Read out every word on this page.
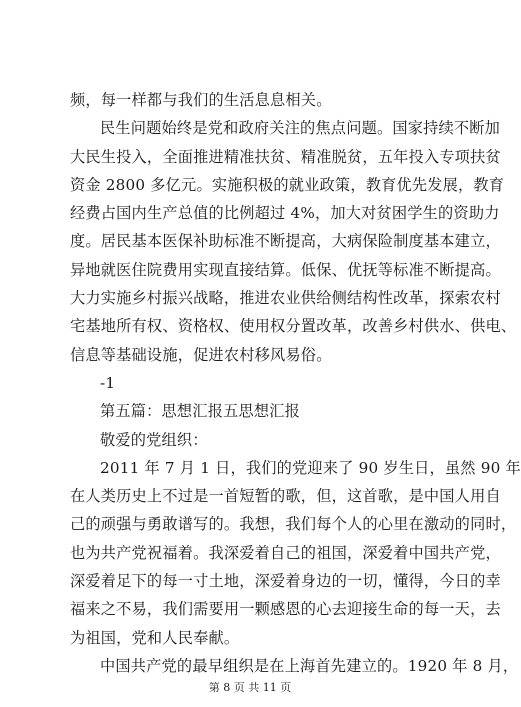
频，每一样都与我们的生活息息相关。
民生问题始终是党和政府关注的焦点问题。国家持续不断加
大民生投入，全面推进精准扶贫、精准脱贫，五年投入专项扶贫
资金 2800 多亿元。实施积极的就业政策，教育优先发展，教育
经费占国内生产总值的比例超过 4%，加大对贫困学生的资助力
度。居民基本医保补助标准不断提高，大病保险制度基本建立，
异地就医住院费用实现直接结算。低保、优抚等标准不断提高。
大力实施乡村振兴战略，推进农业供给侧结构性改革，探索农村
宅基地所有权、资格权、使用权分置改革，改善乡村供水、供电、
信息等基础设施，促进农村移风易俗。
-1
第五篇：思想汇报五思想汇报
敬爱的党组织：
2011 年 7 月 1 日，我们的党迎来了 90 岁生日，虽然 90 年
在人类历史上不过是一首短暂的歌，但，这首歌，是中国人用自
己的顽强与勇敢谱写的。我想，我们每个人的心里在激动的同时，
也为共产党祝福着。我深爱着自己的祖国，深爱着中国共产党，
深爱着足下的每一寸土地，深爱着身边的一切，懂得，今日的幸
福来之不易，我们需要用一颗感恩的心去迎接生命的每一天，去
为祖国，党和人民奉献。
中国共产党的最早组织是在上海首先建立的。1920 年 8 月，
第 8 页 共 11 页
